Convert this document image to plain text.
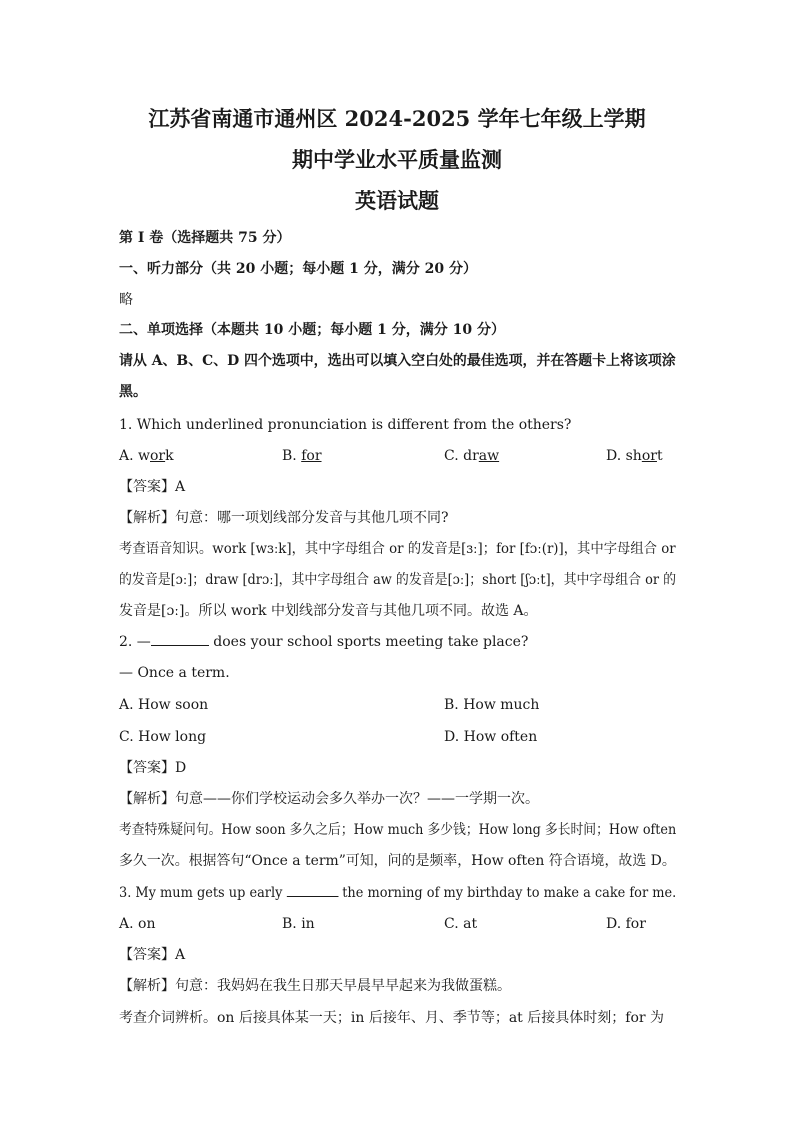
江苏省南通市通州区 2024-2025 学年七年级上学期
期中学业水平质量监测
英语试题
第 I 卷（选择题共 75 分）
一、听力部分（共 20 小题；每小题 1 分，满分 20 分）
略
二、单项选择（本题共 10 小题；每小题 1 分，满分 10 分）
请从 A、B、C、D 四个选项中，选出可以填入空白处的最佳选项，并在答题卡上将该项涂
黑。
1. Which underlined pronunciation is different from the others?
A. work	B. for	C. draw	D. short
【答案】A
【解析】句意：哪一项划线部分发音与其他几项不同?
考查语音知识。work [wɜːk]，其中字母组合 or 的发音是[ɜː]；for [fɔː(r)]，其中字母组合 or
的发音是[ɔː]；draw [drɔː]，其中字母组合 aw 的发音是[ɔː]；short [ʃɔːt]，其中字母组合 or 的
发音是[ɔː]。所以 work 中划线部分发音与其他几项不同。故选 A。
2. —	does your school sports meeting take place?
— Once a term.
A. How soon	B. How much
C. How long	D. How often
【答案】D
【解析】句意——你们学校运动会多久举办一次？——一学期一次。
考查特殊疑问句。How soon 多久之后；How much 多少钱；How long 多长时间；How often
多久一次。根据答句“Once a term”可知，问的是频率，How often 符合语境，故选 D。
3. My mum gets up early	the morning of my birthday to make a cake for me.
A. on	B. in	C. at	D. for
【答案】A
【解析】句意：我妈妈在我生日那天早晨早早起来为我做蛋糕。
考查介词辨析。on 后接具体某一天；in 后接年、月、季节等；at 后接具体时刻；for 为
